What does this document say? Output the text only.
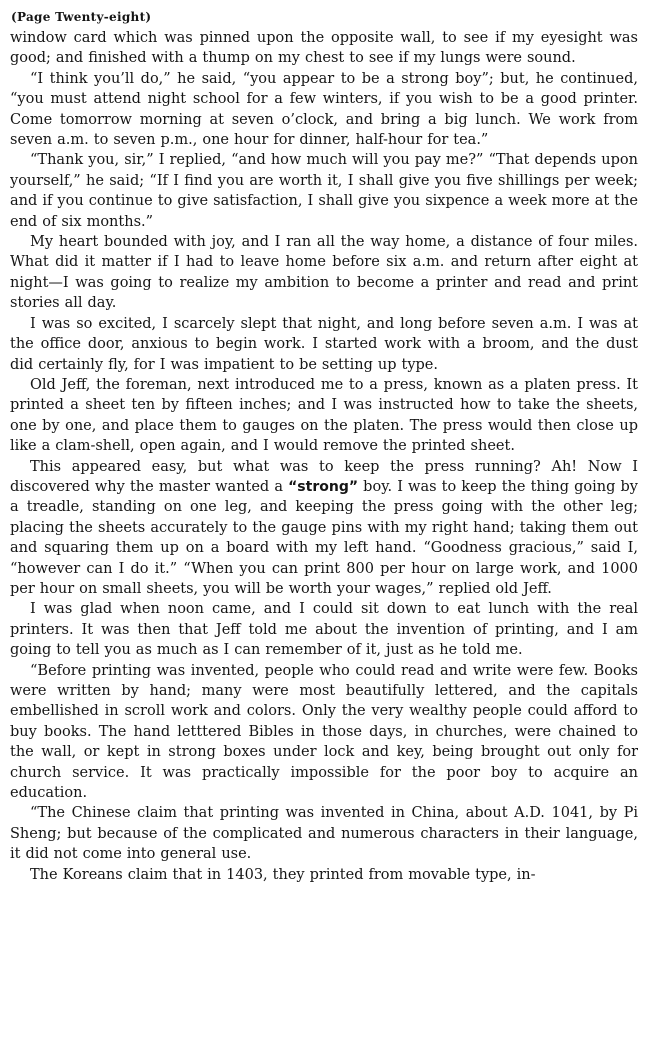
(Page Twenty-eight)

window card which was pinned upon the opposite wall, to see if my eyesight was good; and finished with a thump on my chest to see if my lungs were sound.

“I think you’ll do,” he said, “you appear to be a strong boy”; but, he continued, “you must attend night school for a few winters, if you wish to be a good printer. Come tomorrow morning at seven o’clock, and bring a big lunch. We work from seven a.m. to seven p.m., one hour for dinner, half-hour for tea.”

“Thank you, sir,” I replied, “and how much will you pay me?” “That depends upon yourself,” he said; “If I find you are worth it, I shall give you five shillings per week; and if you continue to give satisfaction, I shall give you sixpence a week more at the end of six months.”

My heart bounded with joy, and I ran all the way home, a distance of four miles. What did it matter if I had to leave home before six a.m. and return after eight at night—I was going to realize my ambition to become a printer and read and print stories all day.

I was so excited, I scarcely slept that night, and long before seven a.m. I was at the office door, anxious to begin work. I started work with a broom, and the dust did certainly fly, for I was impatient to be setting up type.

Old Jeff, the foreman, next introduced me to a press, known as a platen press. It printed a sheet ten by fifteen inches; and I was instructed how to take the sheets, one by one, and place them to gauges on the platen. The press would then close up like a clam-shell, open again, and I would remove the printed sheet.

This appeared easy, but what was to keep the press running? Ah! Now I discovered why the master wanted a “strong” boy. I was to keep the thing going by a treadle, standing on one leg, and keeping the press going with the other leg; placing the sheets accurately to the gauge pins with my right hand; taking them out and squaring them up on a board with my left hand. “Goodness gracious,” said I, “however can I do it.” “When you can print 800 per hour on large work, and 1000 per hour on small sheets, you will be worth your wages,” replied old Jeff.

I was glad when noon came, and I could sit down to eat lunch with the real printers. It was then that Jeff told me about the invention of printing, and I am going to tell you as much as I can remember of it, just as he told me.

“Before printing was invented, people who could read and write were few. Books were written by hand; many were most beautifully lettered, and the capitals embellished in scroll work and colors. Only the very wealthy people could afford to buy books. The hand letttered Bibles in those days, in churches, were chained to the wall, or kept in strong boxes under lock and key, being brought out only for church service. It was practically impossible for the poor boy to acquire an education.

“The Chinese claim that printing was invented in China, about A.D. 1041, by Pi Sheng; but because of the complicated and numerous characters in their language, it did not come into general use.

The Koreans claim that in 1403, they printed from movable type, in-
